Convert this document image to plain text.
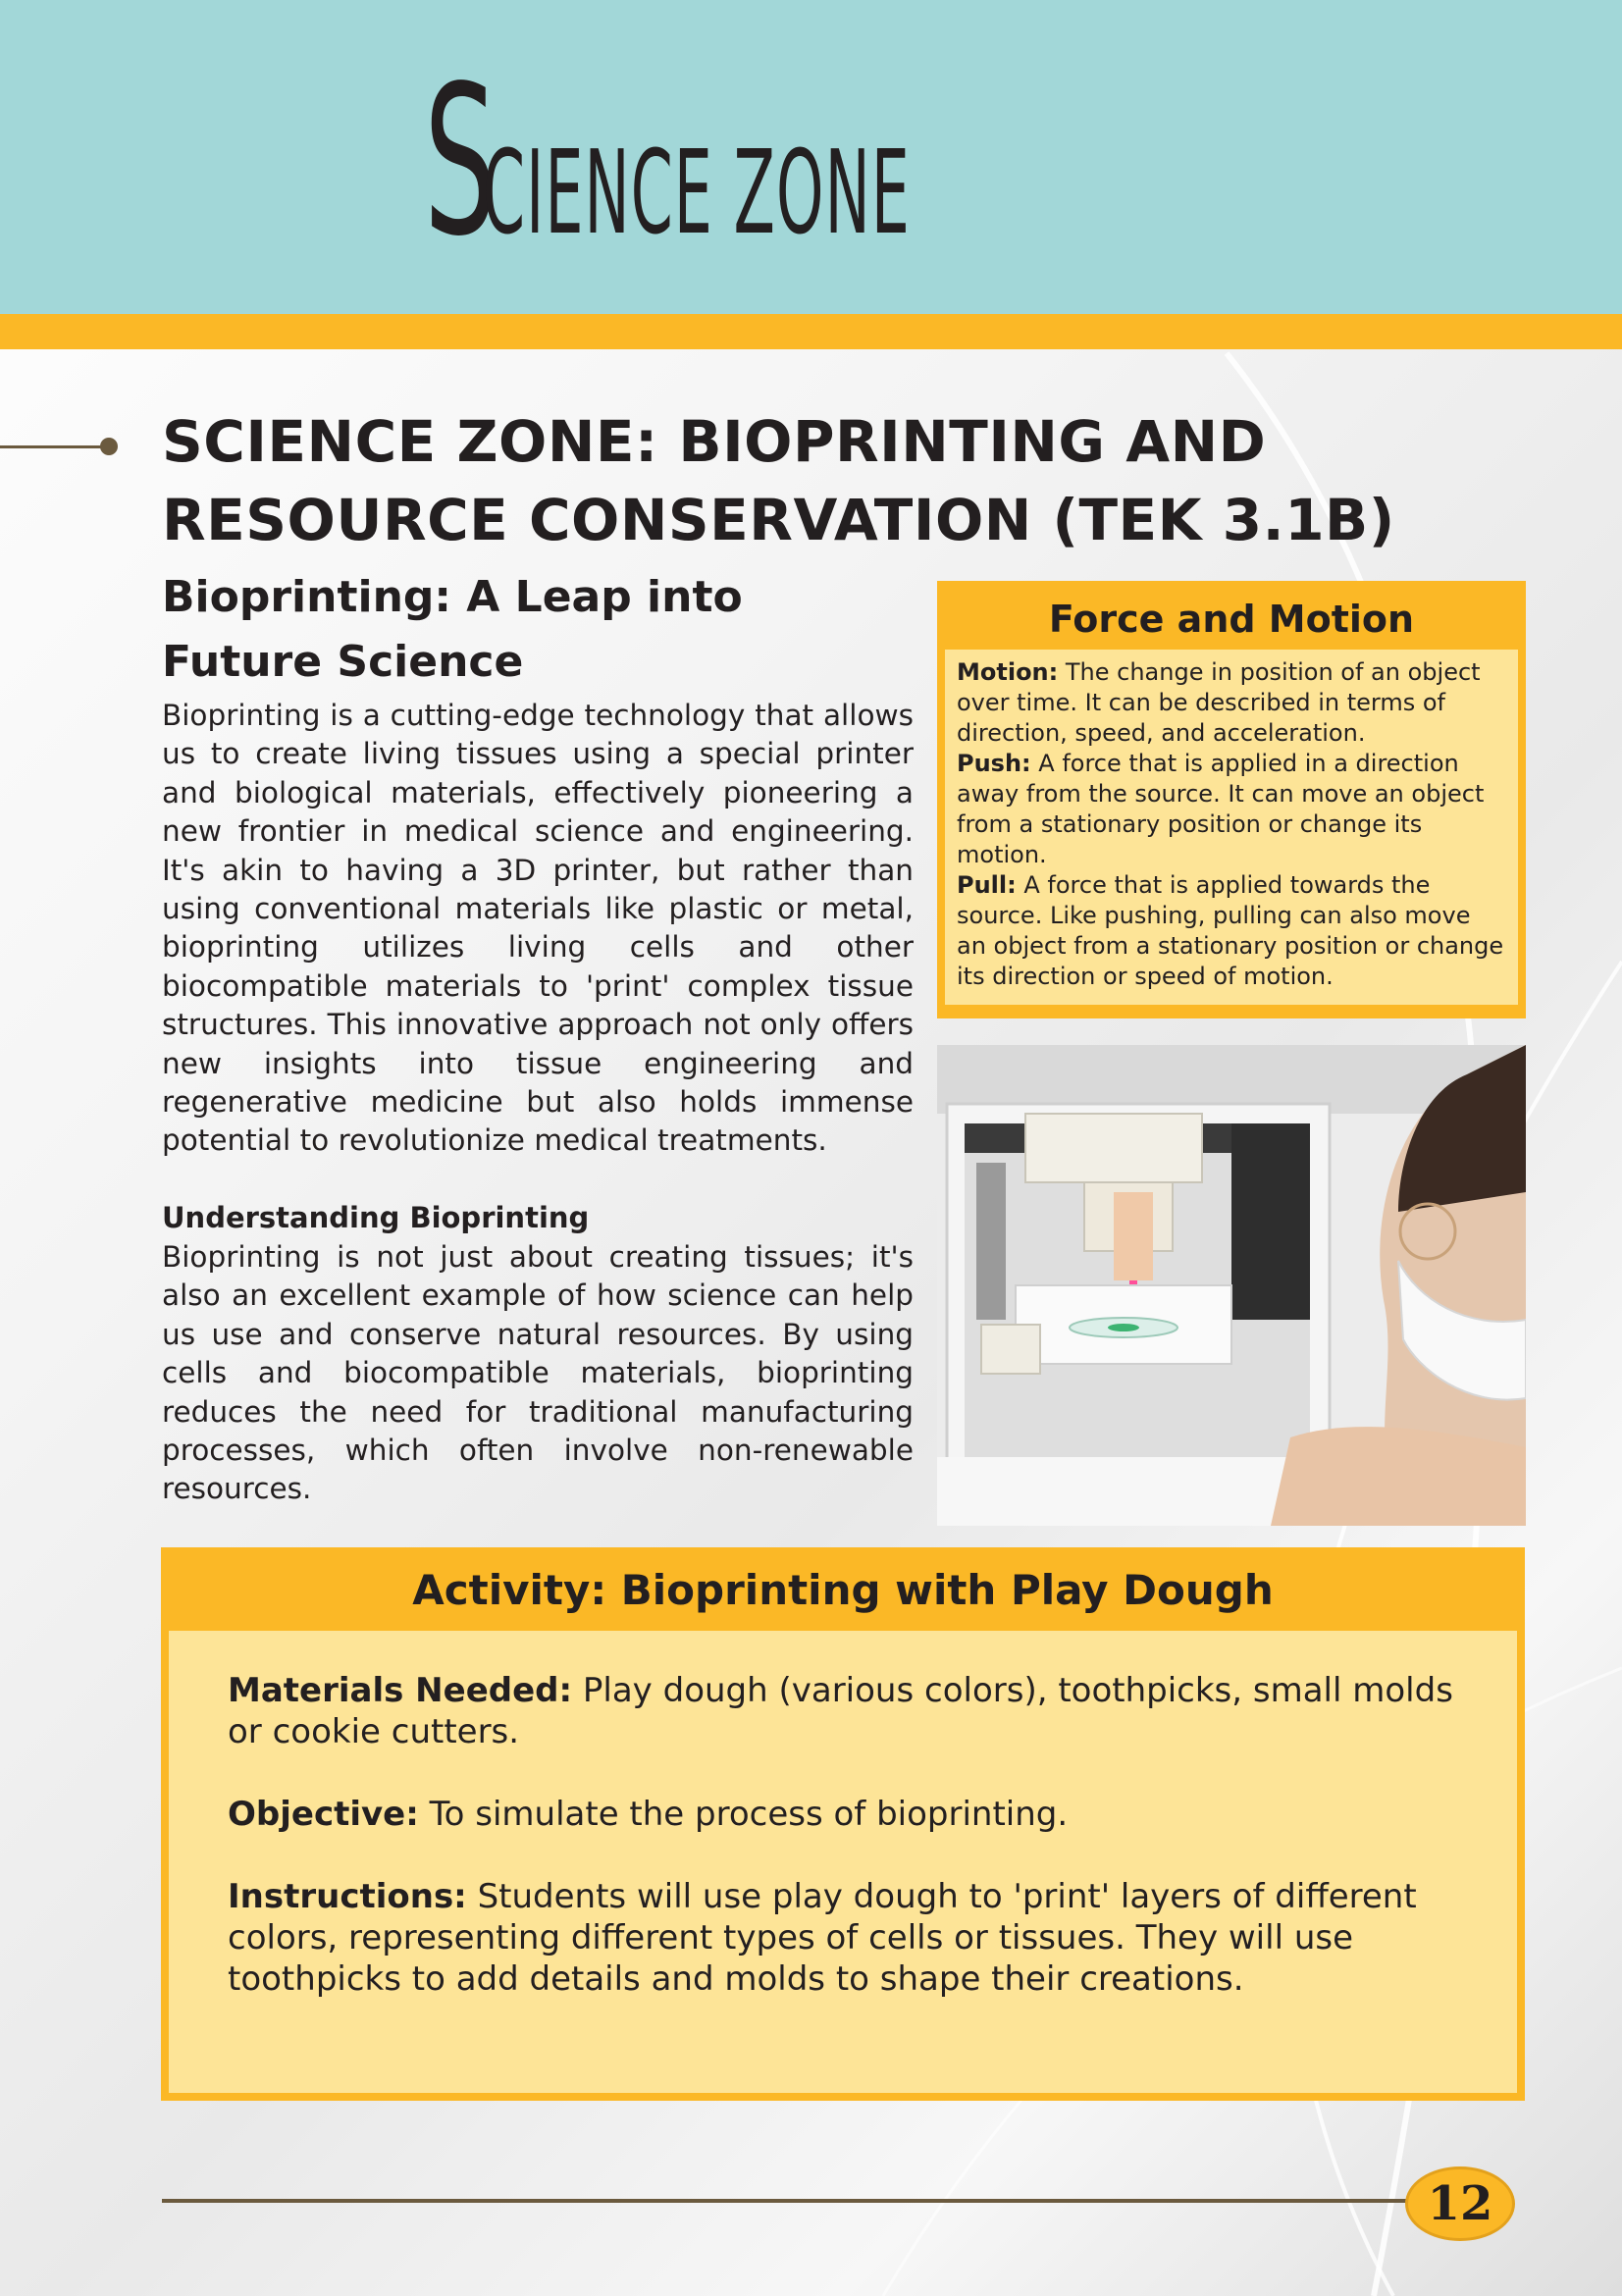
SCIENCE ZONE
SCIENCE ZONE: BIOPRINTING AND
RESOURCE CONSERVATION (TEK 3.1B)
Bioprinting: A Leap into
Future Science
Bioprinting is a cutting-edge technology that allows us to create living tissues using a special printer and biological materials, effectively pioneering a new frontier in medical science and engineering. It's akin to having a 3D printer, but rather than using conventional materials like plastic or metal, bioprinting utilizes living cells and other biocompatible materials to 'print' complex tissue structures. This innovative approach not only offers new insights into tissue engineering and regenerative medicine but also holds immense potential to revolutionize medical treatments.
Understanding Bioprinting
Bioprinting is not just about creating tissues; it's also an excellent example of how science can help us use and conserve natural resources. By using cells and biocompatible materials, bioprinting reduces the need for traditional manufacturing processes, which often involve non-renewable resources.
Force and Motion

Motion: The change in position of an object over time. It can be described in terms of direction, speed, and acceleration.

Push: A force that is applied in a direction away from the source. It can move an object from a stationary position or change its motion.

Pull: A force that is applied towards the source. Like pushing, pulling can also move an object from a stationary position or change its direction or speed of motion.

Activity: Bioprinting with Play Dough

Materials Needed: Play dough (various colors), toothpicks, small molds or cookie cutters.

Objective: To simulate the process of bioprinting.

Instructions: Students will use play dough to 'print' layers of different colors, representing different types of cells or tissues. They will use toothpicks to add details and molds to shape their creations.

12
